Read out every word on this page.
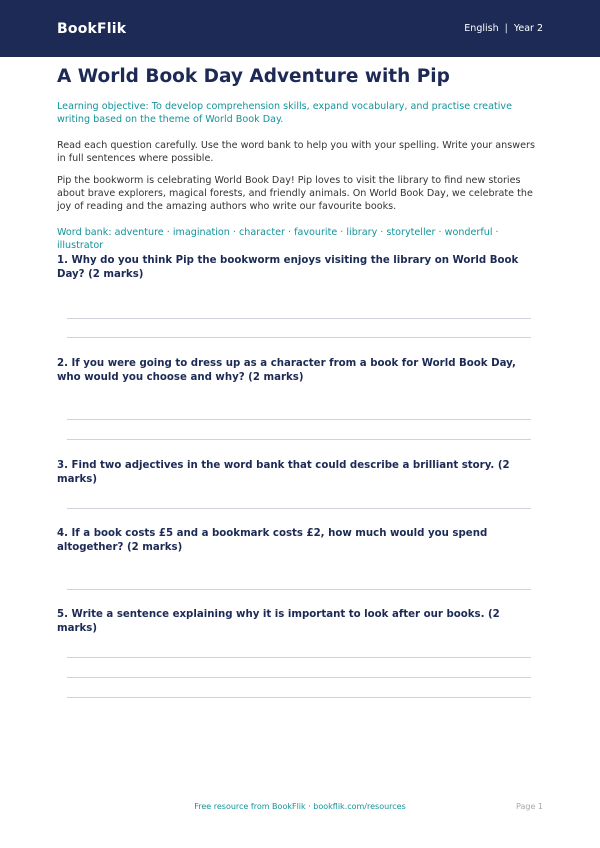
BookFlik	English | Year 2
A World Book Day Adventure with Pip
Learning objective: To develop comprehension skills, expand vocabulary, and practise creative writing based on the theme of World Book Day.
Read each question carefully. Use the word bank to help you with your spelling. Write your answers in full sentences where possible.
Pip the bookworm is celebrating World Book Day! Pip loves to visit the library to find new stories about brave explorers, magical forests, and friendly animals. On World Book Day, we celebrate the joy of reading and the amazing authors who write our favourite books.
Word bank: adventure · imagination · character · favourite · library · storyteller · wonderful · illustrator
1. Why do you think Pip the bookworm enjoys visiting the library on World Book Day? (2 marks)
2. If you were going to dress up as a character from a book for World Book Day, who would you choose and why? (2 marks)
3. Find two adjectives in the word bank that could describe a brilliant story. (2 marks)
4. If a book costs £5 and a bookmark costs £2, how much would you spend altogether? (2 marks)
5. Write a sentence explaining why it is important to look after our books. (2 marks)
Free resource from BookFlik · bookflik.com/resources	Page 1
